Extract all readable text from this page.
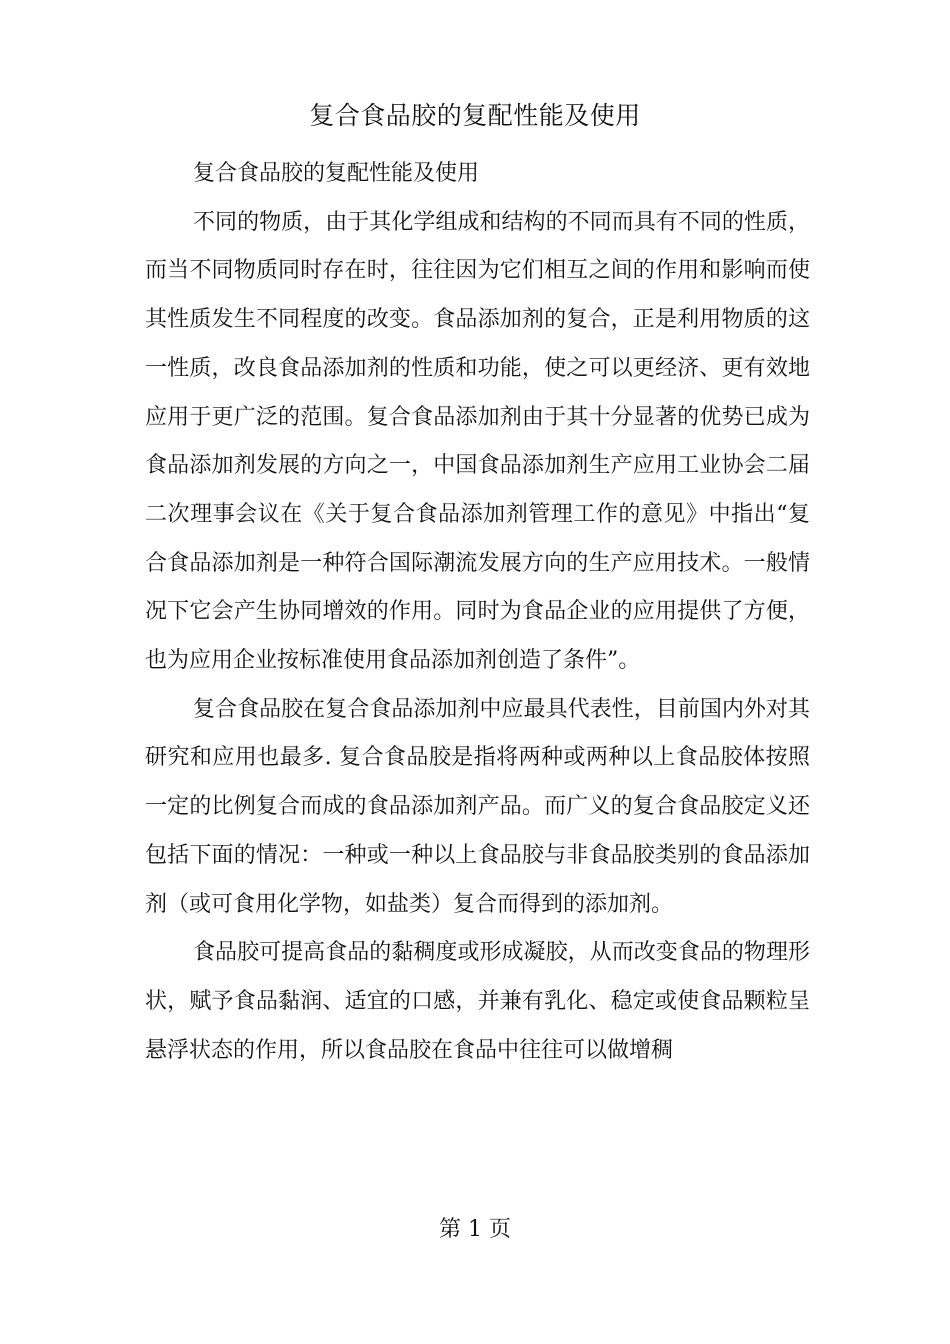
复合食品胶的复配性能及使用

复合食品胶的复配性能及使用

不同的物质，由于其化学组成和结构的不同而具有不同的性质，而当不同物质同时存在时，往往因为它们相互之间的作用和影响而使其性质发生不同程度的改变。食品添加剂的复合，正是利用物质的这一性质，改良食品添加剂的性质和功能，使之可以更经济、更有效地应用于更广泛的范围。复合食品添加剂由于其十分显著的优势已成为食品添加剂发展的方向之一，中国食品添加剂生产应用工业协会二届二次理事会议在《关于复合食品添加剂管理工作的意见》中指出“复合食品添加剂是一种符合国际潮流发展方向的生产应用技术。一般情况下它会产生协同增效的作用。同时为食品企业的应用提供了方便，也为应用企业按标准使用食品添加剂创造了条件”。

复合食品胶在复合食品添加剂中应最具代表性，目前国内外对其研究和应用也最多. 复合食品胶是指将两种或两种以上食品胶体按照一定的比例复合而成的食品添加剂产品。而广义的复合食品胶定义还包括下面的情况：一种或一种以上食品胶与非食品胶类别的食品添加剂（或可食用化学物，如盐类）复合而得到的添加剂。

食品胶可提高食品的黏稠度或形成凝胶，从而改变食品的物理形状，赋予食品黏润、适宜的口感，并兼有乳化、稳定或使食品颗粒呈悬浮状态的作用，所以食品胶在食品中往往可以做增稠

第 1 页
